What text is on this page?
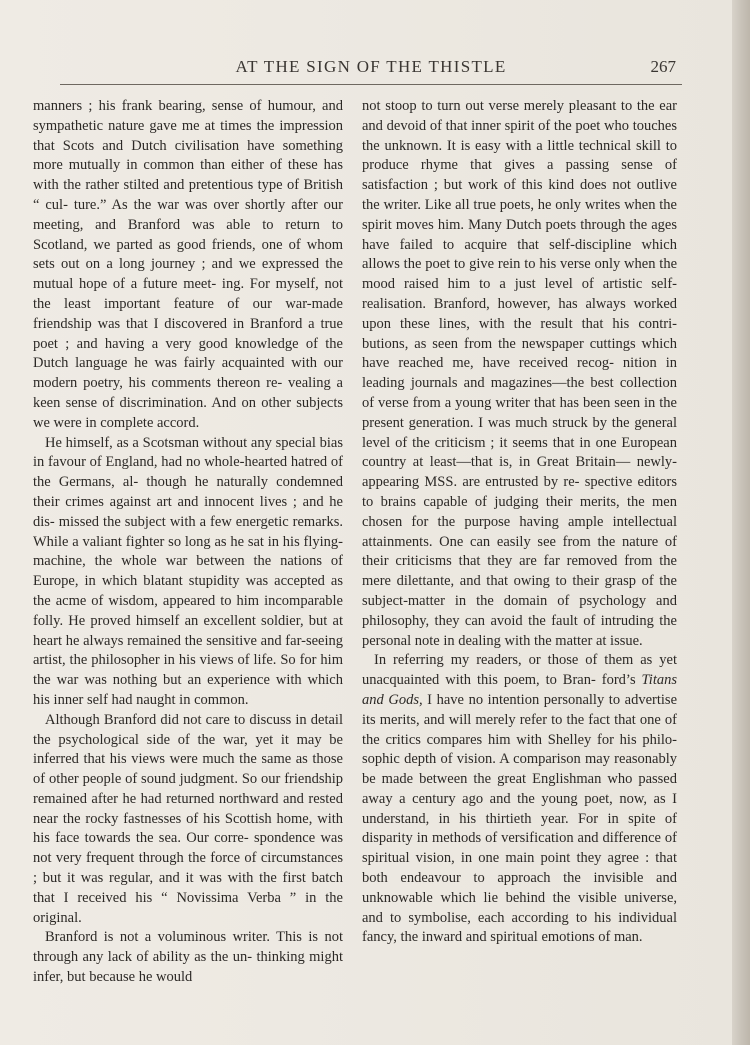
AT THE SIGN OF THE THISTLE	267

manners ; his frank bearing, sense of humour, and sympathetic nature gave me at times the impression that Scots and Dutch civilisation have something more mutually in common than either of these has with the rather stilted and pretentious type of British “ cul- ture.” As the war was over shortly after our meeting, and Branford was able to return to Scotland, we parted as good friends, one of whom sets out on a long journey ; and we expressed the mutual hope of a future meet- ing. For myself, not the least important feature of our war-made friendship was that I discovered in Branford a true poet ; and having a very good knowledge of the Dutch language he was fairly acquainted with our modern poetry, his comments thereon re- vealing a keen sense of discrimination. And on other subjects we were in complete accord.

He himself, as a Scotsman without any special bias in favour of England, had no whole-hearted hatred of the Germans, al- though he naturally condemned their crimes against art and innocent lives ; and he dis- missed the subject with a few energetic remarks. While a valiant fighter so long as he sat in his flying-machine, the whole war between the nations of Europe, in which blatant stupidity was accepted as the acme of wisdom, appeared to him incomparable folly. He proved himself an excellent soldier, but at heart he always remained the sensitive and far-seeing artist, the philosopher in his views of life. So for him the war was nothing but an experience with which his inner self had naught in common.

Although Branford did not care to discuss in detail the psychological side of the war, yet it may be inferred that his views were much the same as those of other people of sound judgment. So our friendship remained after he had returned northward and rested near the rocky fastnesses of his Scottish home, with his face towards the sea. Our corre- spondence was not very frequent through the force of circumstances ; but it was regular, and it was with the first batch that I received his “ Novissima Verba ” in the original.

Branford is not a voluminous writer. This is not through any lack of ability as the un- thinking might infer, but because he would

not stoop to turn out verse merely pleasant to the ear and devoid of that inner spirit of the poet who touches the unknown. It is easy with a little technical skill to produce rhyme that gives a passing sense of satisfaction ; but work of this kind does not outlive the writer. Like all true poets, he only writes when the spirit moves him. Many Dutch poets through the ages have failed to acquire that self-discipline which allows the poet to give rein to his verse only when the mood raised him to a just level of artistic self-realisation. Branford, however, has always worked upon these lines, with the result that his contri- butions, as seen from the newspaper cuttings which have reached me, have received recog- nition in leading journals and magazines—the best collection of verse from a young writer that has been seen in the present generation. I was much struck by the general level of the criticism ; it seems that in one European country at least—that is, in Great Britain— newly-appearing MSS. are entrusted by re- spective editors to brains capable of judging their merits, the men chosen for the purpose having ample intellectual attainments. One can easily see from the nature of their criticisms that they are far removed from the mere dilettante, and that owing to their grasp of the subject-matter in the domain of psychology and philosophy, they can avoid the fault of intruding the personal note in dealing with the matter at issue.

In referring my readers, or those of them as yet unacquainted with this poem, to Bran- ford’s Titans and Gods, I have no intention personally to advertise its merits, and will merely refer to the fact that one of the critics compares him with Shelley for his philo- sophic depth of vision. A comparison may reasonably be made between the great Englishman who passed away a century ago and the young poet, now, as I understand, in his thirtieth year. For in spite of disparity in methods of versification and difference of spiritual vision, in one main point they agree : that both endeavour to approach the invisible and unknowable which lie behind the visible universe, and to symbolise, each according to his individual fancy, the inward and spiritual emotions of man.
